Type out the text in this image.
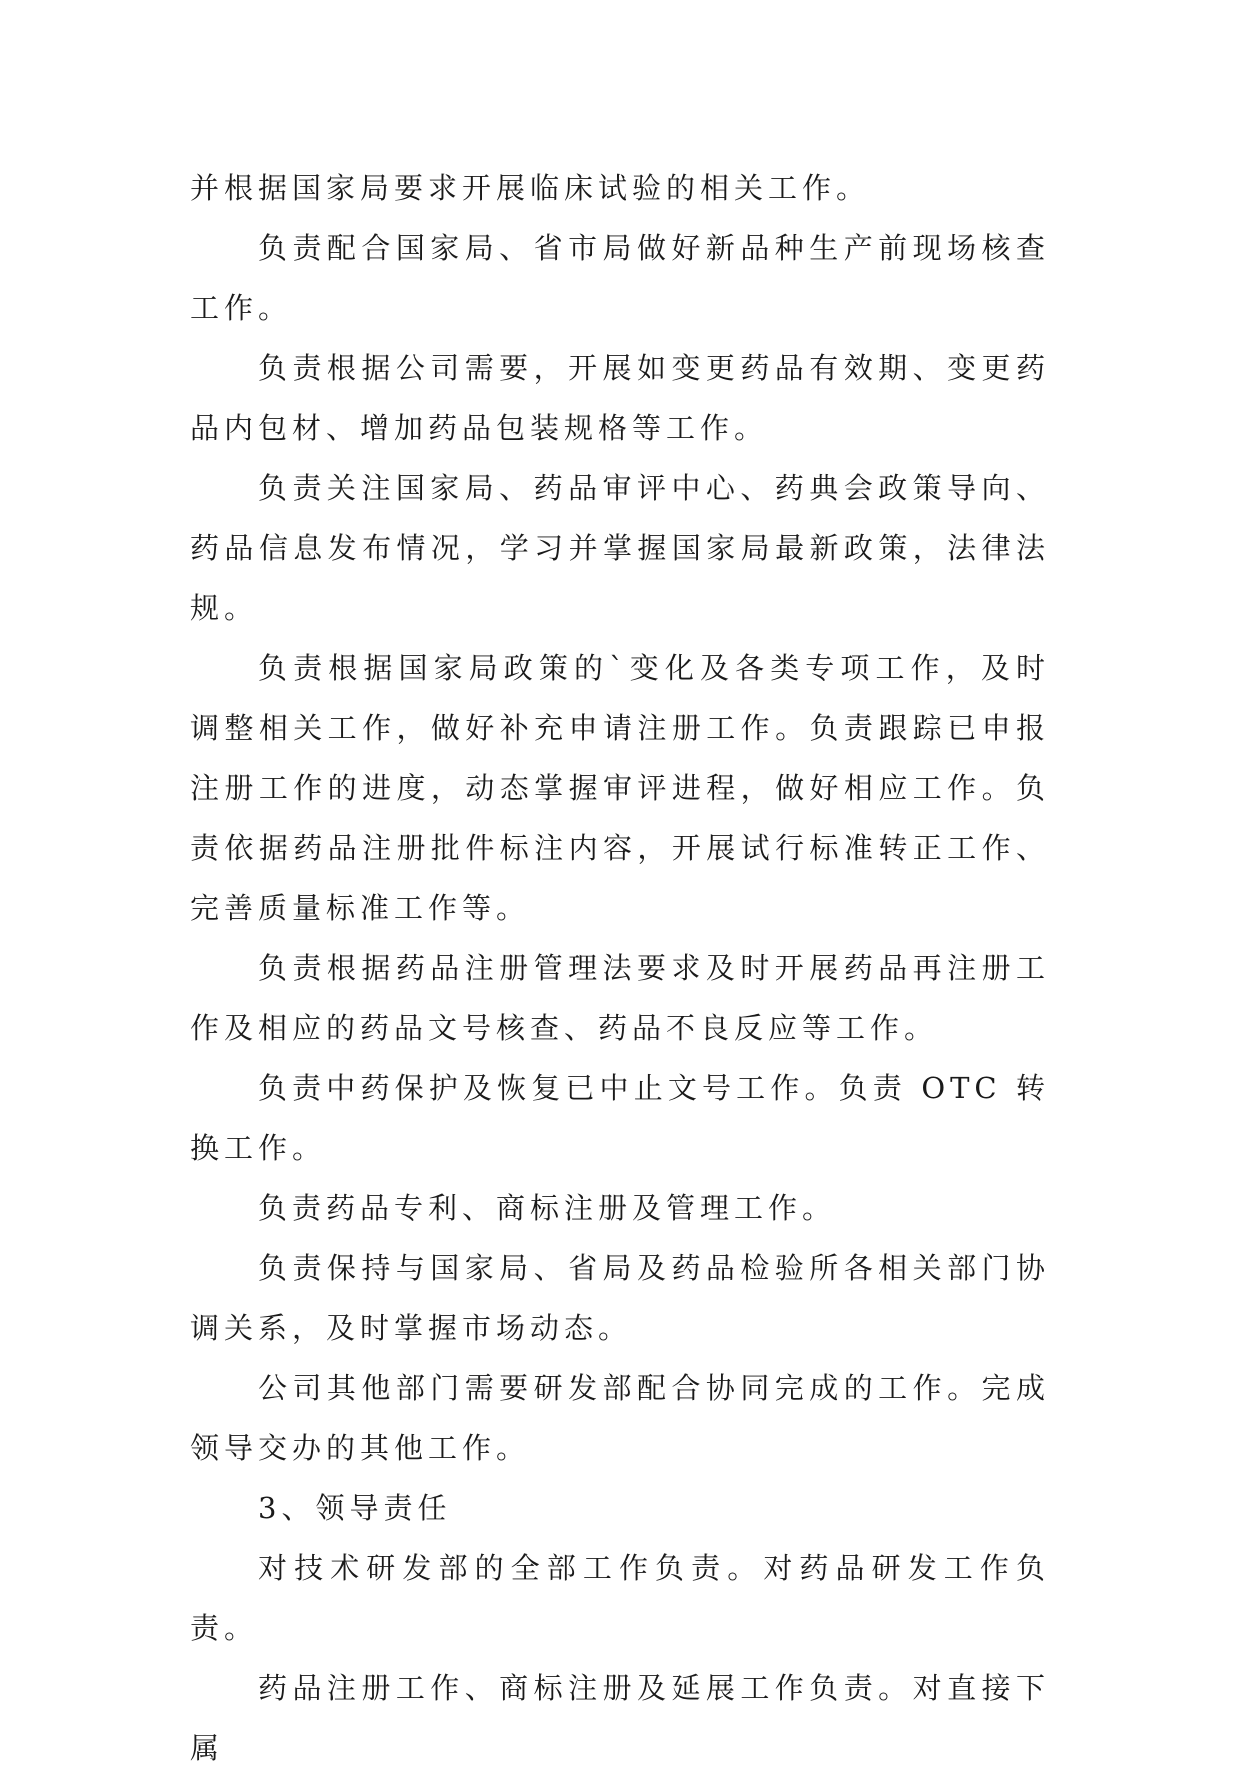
并根据国家局要求开展临床试验的相关工作。

负责配合国家局、省市局做好新品种生产前现场核查工作。

负责根据公司需要，开展如变更药品有效期、变更药品内包材、增加药品包装规格等工作。

负责关注国家局、药品审评中心、药典会政策导向、药品信息发布情况，学习并掌握国家局最新政策，法律法规。

负责根据国家局政策的`变化及各类专项工作，及时调整相关工作，做好补充申请注册工作。负责跟踪已申报注册工作的进度，动态掌握审评进程，做好相应工作。负责依据药品注册批件标注内容，开展试行标准转正工作、完善质量标准工作等。

负责根据药品注册管理法要求及时开展药品再注册工作及相应的药品文号核查、药品不良反应等工作。

负责中药保护及恢复已中止文号工作。负责 OTC 转换工作。

负责药品专利、商标注册及管理工作。

负责保持与国家局、省局及药品检验所各相关部门协调关系，及时掌握市场动态。

公司其他部门需要研发部配合协同完成的工作。完成领导交办的其他工作。

3、领导责任

对技术研发部的全部工作负责。对药品研发工作负责。

药品注册工作、商标注册及延展工作负责。对直接下属
